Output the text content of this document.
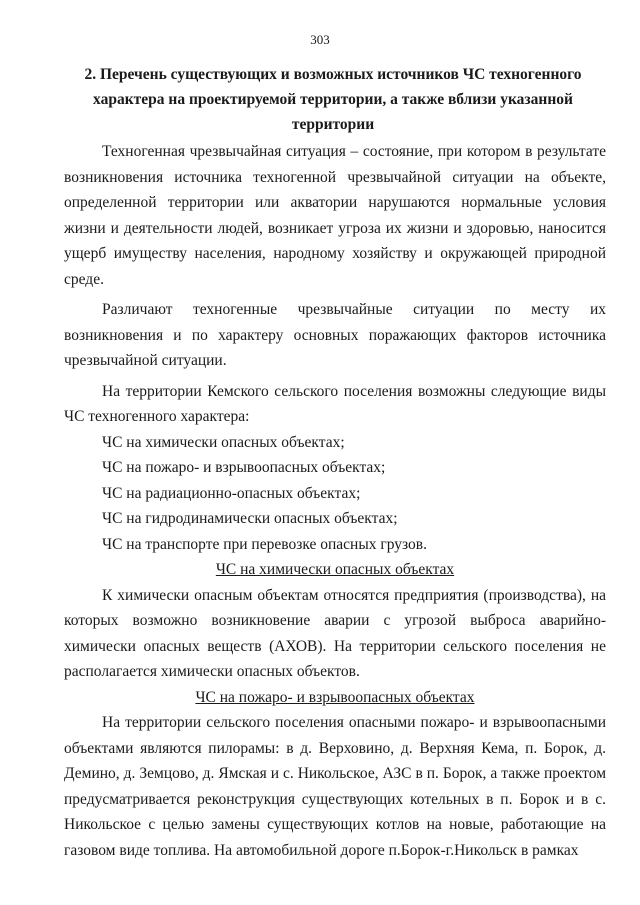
303
2. Перечень существующих и возможных источников ЧС техногенного
характера на проектируемой территории, а также вблизи указанной
территории

Техногенная чрезвычайная ситуация – состояние, при котором в результате возникновения источника техногенной чрезвычайной ситуации на объекте, определенной территории или акватории нарушаются нормальные условия жизни и деятельности людей, возникает угроза их жизни и здоровью, наносится ущерб имуществу населения, народному хозяйству и окружающей природной среде.

Различают техногенные чрезвычайные ситуации по месту их возникновения и по характеру основных поражающих факторов источника чрезвычайной ситуации.

На территории Кемского сельского поселения возможны следующие виды ЧС техногенного характера:

ЧС на химически опасных объектах;
ЧС на пожаро- и взрывоопасных объектах;
ЧС на радиационно-опасных объектах;
ЧС на гидродинамически опасных объектах;
ЧС на транспорте при перевозке опасных грузов.
ЧС на химически опасных объектах

К химически опасным объектам относятся предприятия (производства), на которых возможно возникновение аварии с угрозой выброса аварийно-химически опасных веществ (АХОВ). На территории сельского поселения не располагается химически опасных объектов.

ЧС на пожаро- и взрывоопасных объектах

На территории сельского поселения опасными пожаро- и взрывоопасными объектами являются пилорамы: в д. Верховино, д. Верхняя Кема, п. Борок, д. Демино, д. Земцово, д. Ямская и с. Никольское, АЗС в п. Борок, а также проектом предусматривается реконструкция существующих котельных в п. Борок и в с. Никольское с целью замены существующих котлов на новые, работающие на газовом виде топлива. На автомобильной дороге п.Борок-г.Никольск в рамках
